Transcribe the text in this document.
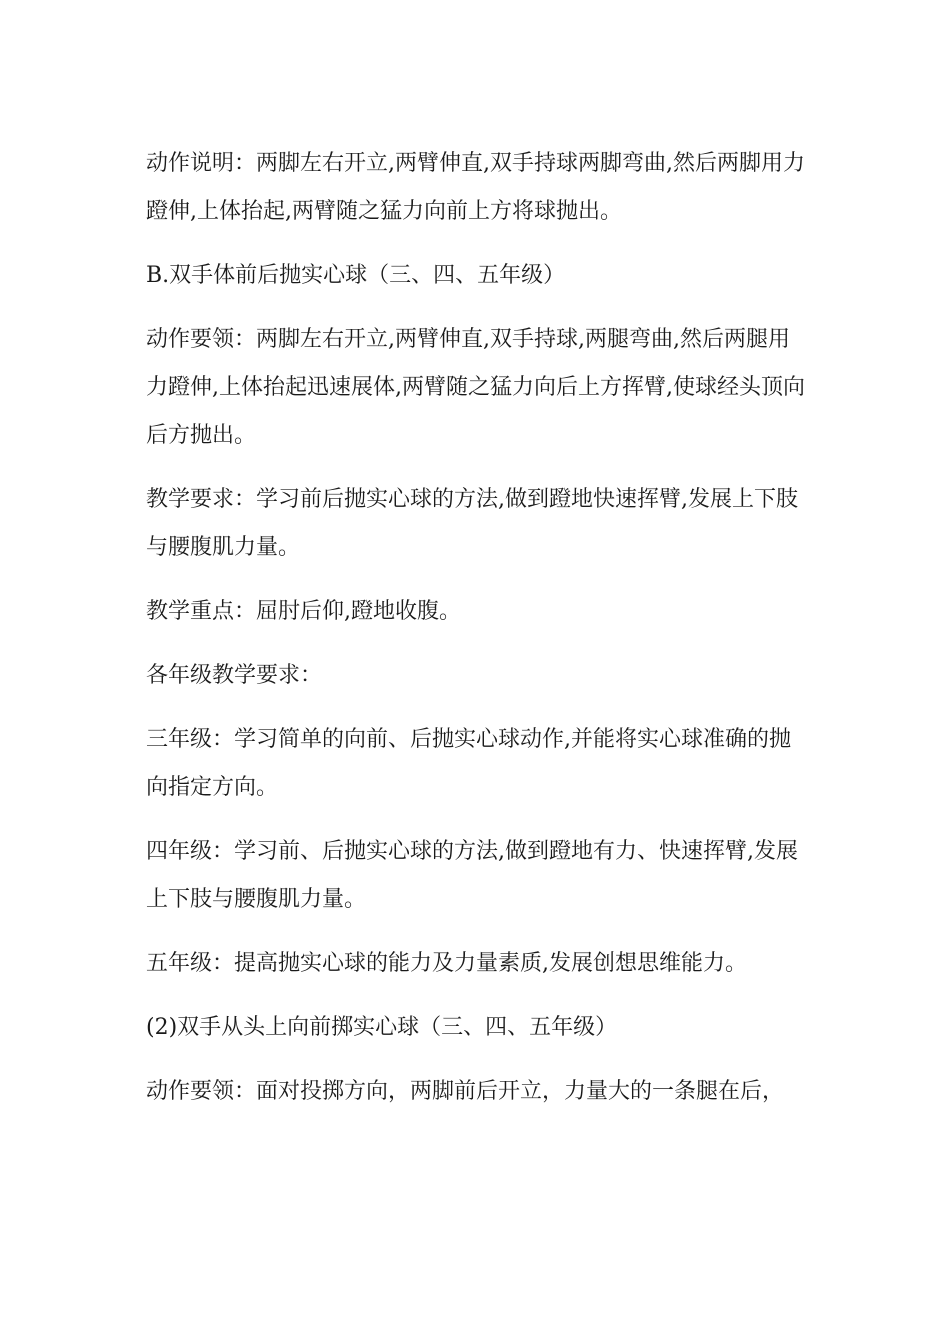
动作说明：两脚左右开立,两臂伸直,双手持球两脚弯曲,然后两脚用力蹬伸,上体抬起,两臂随之猛力向前上方将球抛出。

B.双手体前后抛实心球（三、四、五年级）

动作要领：两脚左右开立,两臂伸直,双手持球,两腿弯曲,然后两腿用力蹬伸,上体抬起迅速展体,两臂随之猛力向后上方挥臂,使球经头顶向后方抛出。

教学要求：学习前后抛实心球的方法,做到蹬地快速挥臂,发展上下肢与腰腹肌力量。

教学重点：屈肘后仰,蹬地收腹。

各年级教学要求：

三年级：学习简单的向前、后抛实心球动作,并能将实心球准确的抛向指定方向。

四年级：学习前、后抛实心球的方法,做到蹬地有力、快速挥臂,发展上下肢与腰腹肌力量。

五年级：提高抛实心球的能力及力量素质,发展创想思维能力。

(2)双手从头上向前掷实心球（三、四、五年级）

动作要领：面对投掷方向，两脚前后开立，力量大的一条腿在后，
